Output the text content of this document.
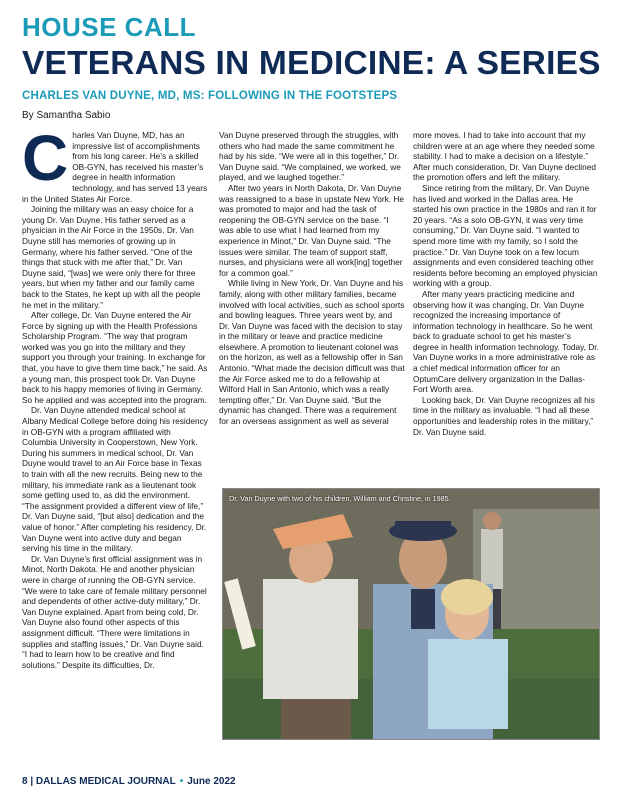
HOUSE CALL
VETERANS IN MEDICINE: A SERIES
CHARLES VAN DUYNE, MD, MS: FOLLOWING IN THE FOOTSTEPS
By Samantha Sabio

Charles Van Duyne, MD, has an impressive list of accomplishments from his long career. He’s a skilled OB-GYN, has received his master’s degree in health information technology, and has served 13 years in the United States Air Force.

Joining the military was an easy choice for a young Dr. Van Duyne. His father served as a physician in the Air Force in the 1950s. Dr. Van Duyne still has memories of growing up in Germany, where his father served. “One of the things that stuck with me after that,” Dr. Van Duyne said, “[was] we were only there for three years, but when my father and our family came back to the States, he kept up with all the people he met in the military.”

After college, Dr. Van Duyne entered the Air Force by signing up with the Health Professions Scholarship Program. “The way that program worked was you go into the military and they support you through your training. In exchange for that, you have to give them time back,” he said. As a young man, this prospect took Dr. Van Duyne back to his happy memories of living in Germany. So he applied and was accepted into the program.

Dr. Van Duyne attended medical school at Albany Medical College before doing his residency in OB-GYN with a program affiliated with Columbia University in Cooperstown, New York. During his summers in medical school, Dr. Van Duyne would travel to an Air Force base in Texas to train with all the new recruits. Being new to the military, his immediate rank as a lieutenant took some getting used to, as did the environment. “The assignment provided a different view of life,” Dr. Van Duyne said, “[but also] dedication and the value of honor.” After completing his residency, Dr. Van Duyne went into active duty and began serving his time in the military.

Dr. Van Duyne’s first official assignment was in Minot, North Dakota. He and another physician were in charge of running the OB-GYN service. “We were to take care of female military personnel and dependents of other active-duty military,” Dr. Van Duyne explained. Apart from being cold, Dr. Van Duyne also found other aspects of this assignment difficult. “There were limitations in supplies and staffing issues,” Dr. Van Duyne said. “I had to learn how to be creative and find solutions.” Despite its difficulties, Dr.

Van Duyne preserved through the struggles, with others who had made the same commitment he had by his side. “We were all in this together,” Dr. Van Duyne said. “We complained, we worked, we played, and we laughed together.”

After two years in North Dakota, Dr. Van Duyne was reassigned to a base in upstate New York. He was promoted to major and had the task of reopening the OB-GYN service on the base. “I was able to use what I had learned from my experience in Minot,” Dr. Van Duyne said. “The issues were similar. The team of support staff, nurses, and physicians were all work[ing] together for a common goal.”

While living in New York, Dr. Van Duyne and his family, along with other military families, became involved with local activities, such as school sports and bowling leagues. Three years went by, and Dr. Van Duyne was faced with the decision to stay in the military or leave and practice medicine elsewhere. A promotion to lieutenant colonel was on the horizon, as well as a fellowship offer in San Antonio. “What made the decision difficult was that the Air Force asked me to do a fellowship at Wilford Hall in San Antonio, which was a really tempting offer,” Dr. Van Duyne said. “But the dynamic has changed. There was a requirement for an overseas assignment as well as several

more moves. I had to take into account that my children were at an age where they needed some stability. I had to make a decision on a lifestyle.” After much consideration, Dr. Van Duyne declined the promotion offers and left the military.

Since retiring from the military, Dr. Van Duyne has lived and worked in the Dallas area. He started his own practice in the 1980s and ran it for 20 years. “As a solo OB-GYN, it was very time consuming,” Dr. Van Duyne said. “I wanted to spend more time with my family, so I sold the practice.” Dr. Van Duyne took on a few locum assignments and even considered teaching other residents before becoming an employed physician working with a group.

After many years practicing medicine and observing how it was changing, Dr. Van Duyne recognized the increasing importance of information technology in healthcare. So he went back to graduate school to get his master’s degree in health information technology. Today, Dr. Van Duyne works in a more administrative role as a chief medical information officer for an OptumCare delivery organization in the Dallas-Fort Worth area.

Looking back, Dr. Van Duyne recognizes all his time in the military as invaluable. “I had all these opportunities and leadership roles in the military,” Dr. Van Duyne said.

Dr. Van Duyne with two of his children, William and Christine, in 1985.
8 | DALLAS MEDICAL JOURNAL • June 2022
